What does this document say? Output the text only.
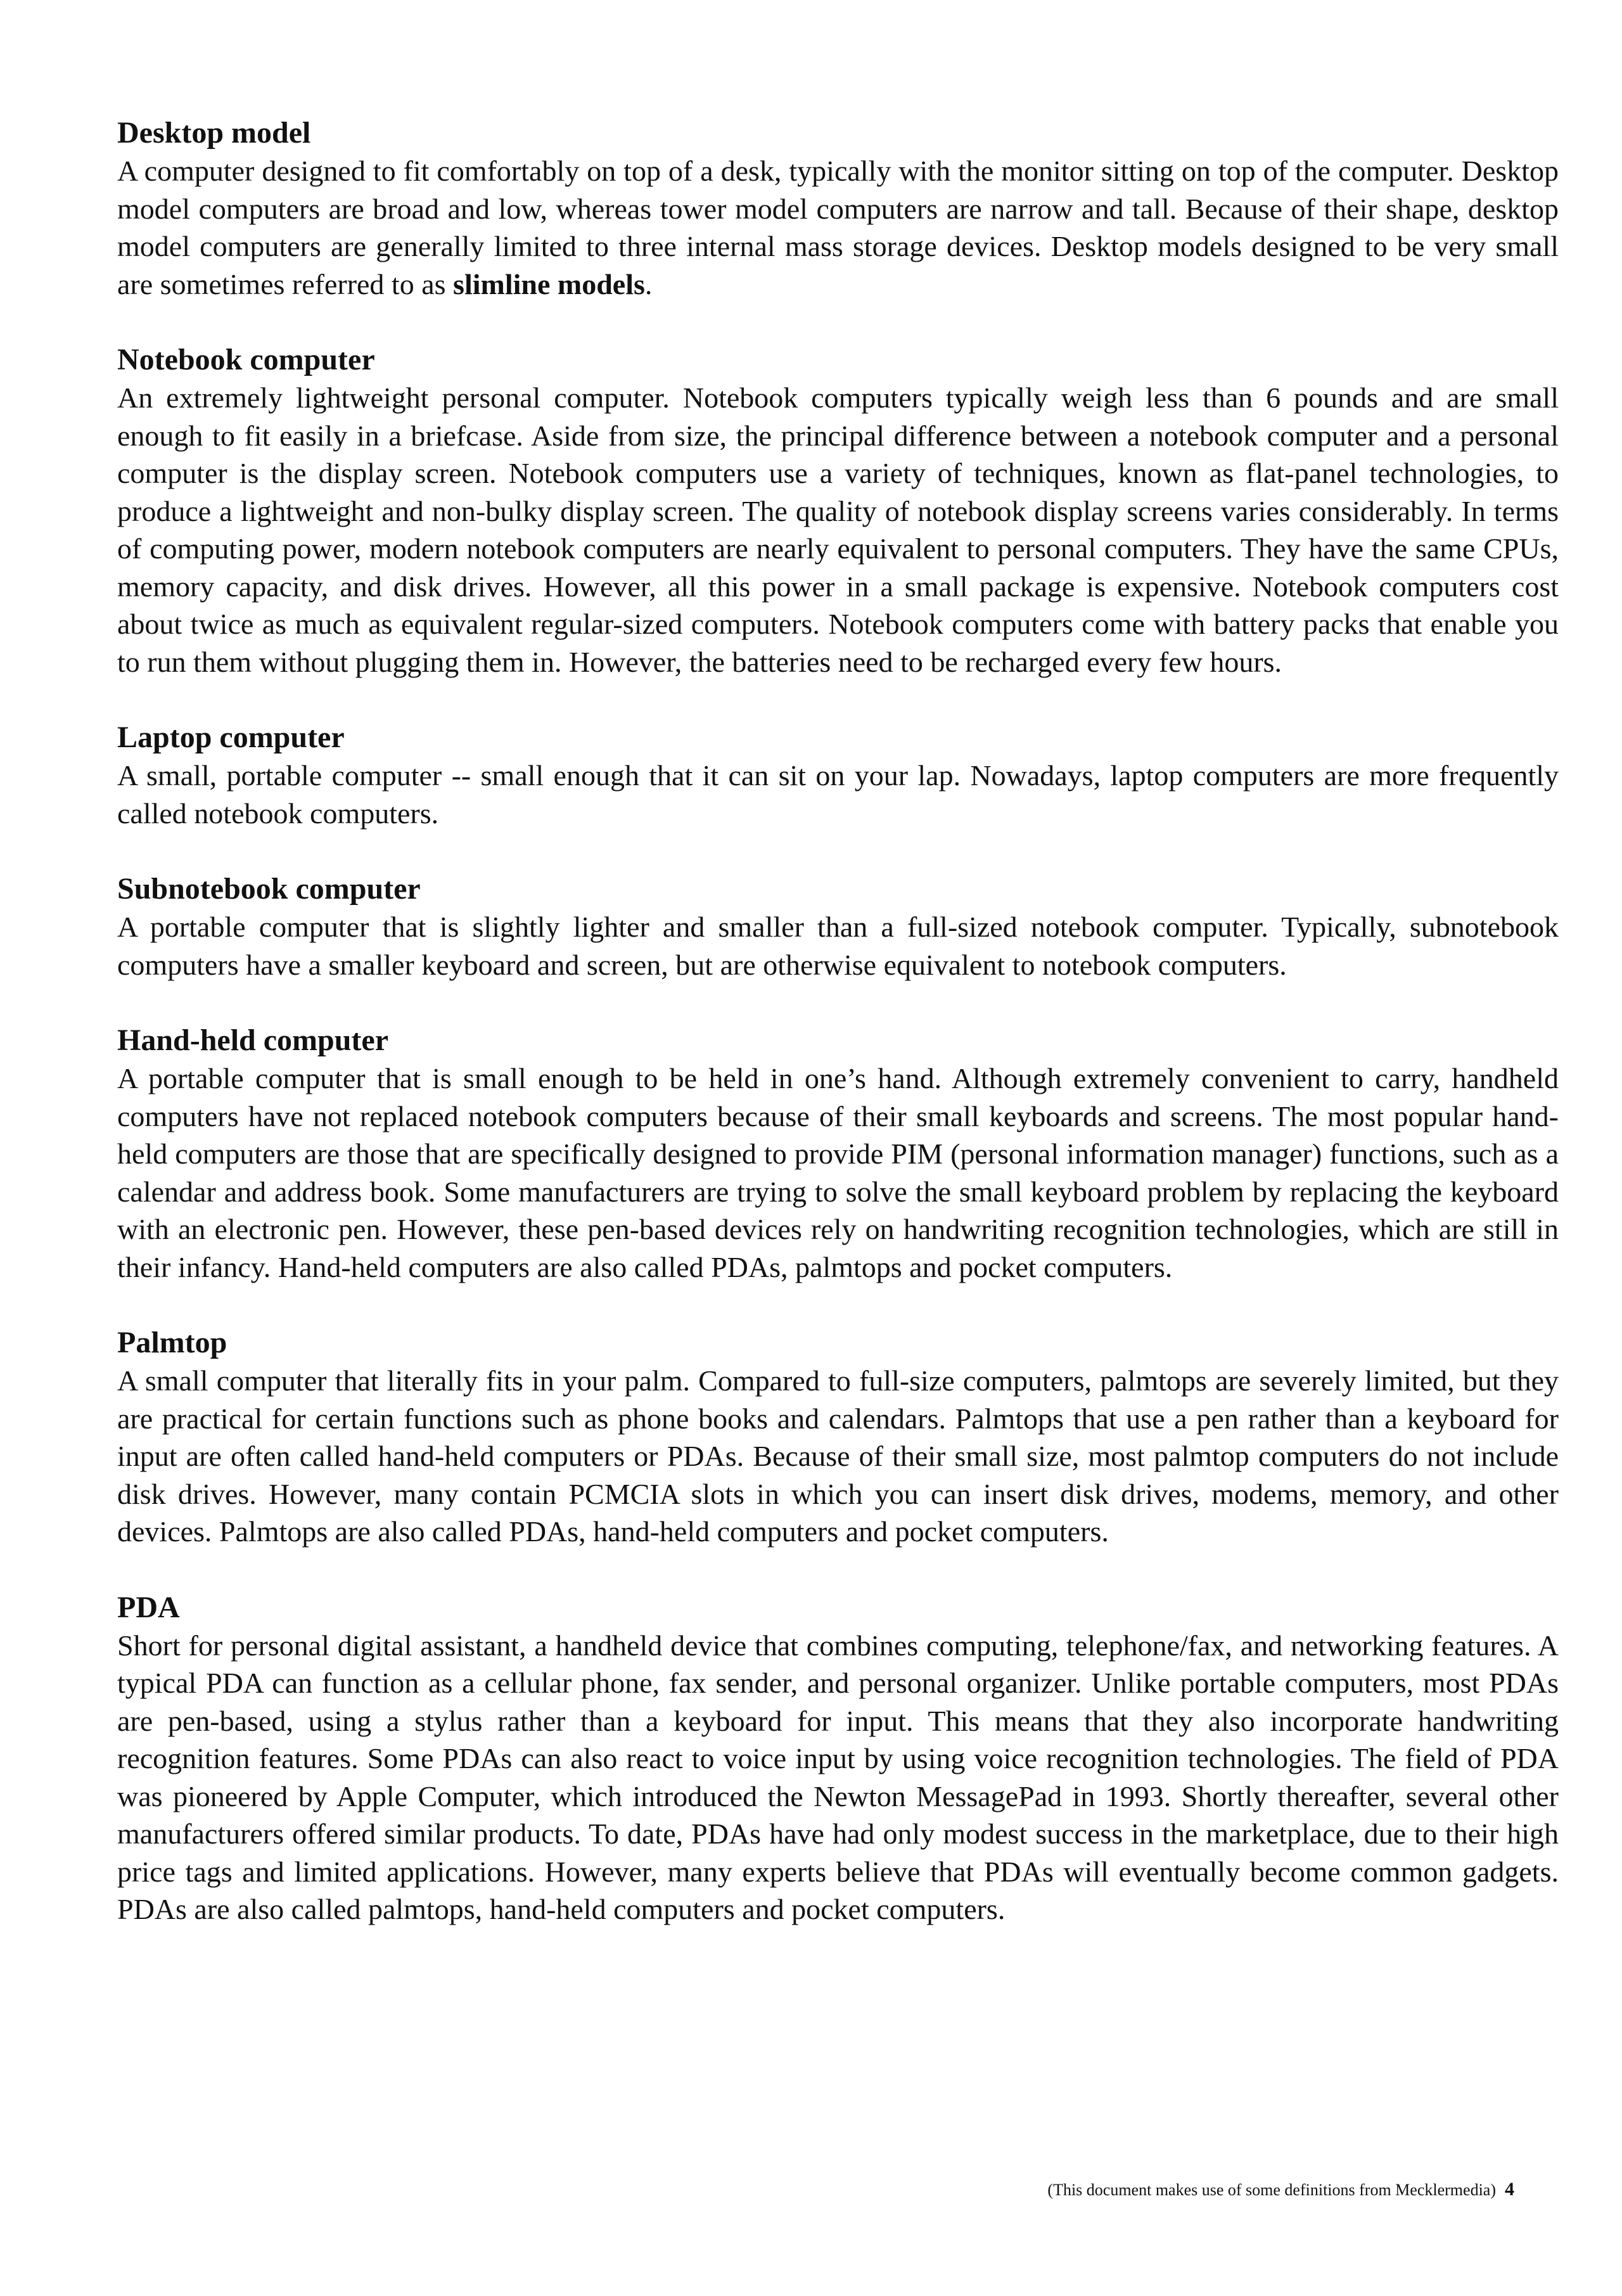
Desktop model

A computer designed to fit comfortably on top of a desk, typically with the monitor sitting on top of the computer. Desktop model computers are broad and low, whereas tower model computers are narrow and tall. Because of their shape, desktop model computers are generally limited to three internal mass storage devices. Desktop models designed to be very small are sometimes referred to as slimline models.

Notebook computer

An extremely lightweight personal computer. Notebook computers typically weigh less than 6 pounds and are small enough to fit easily in a briefcase. Aside from size, the principal difference between a notebook computer and a personal computer is the display screen. Notebook computers use a variety of techniques, known as flat-panel technologies, to produce a lightweight and non-bulky display screen. The quality of notebook display screens varies considerably. In terms of computing power, modern notebook computers are nearly equivalent to personal computers. They have the same CPUs, memory capacity, and disk drives. However, all this power in a small package is expensive. Notebook computers cost about twice as much as equivalent regular-sized computers. Notebook computers come with battery packs that enable you to run them without plugging them in. However, the batteries need to be recharged every few hours.

Laptop computer

A small, portable computer -- small enough that it can sit on your lap. Nowadays, laptop computers are more frequently called notebook computers.

Subnotebook computer

A portable computer that is slightly lighter and smaller than a full-sized notebook computer. Typically, subnotebook computers have a smaller keyboard and screen, but are otherwise equivalent to notebook computers.

Hand-held computer

A portable computer that is small enough to be held in one’s hand. Although extremely convenient to carry, handheld computers have not replaced notebook computers because of their small keyboards and screens. The most popular hand-held computers are those that are specifically designed to provide PIM (personal information manager) functions, such as a calendar and address book. Some manufacturers are trying to solve the small keyboard problem by replacing the keyboard with an electronic pen. However, these pen-based devices rely on handwriting recognition technologies, which are still in their infancy. Hand-held computers are also called PDAs, palmtops and pocket computers.

Palmtop

A small computer that literally fits in your palm. Compared to full-size computers, palmtops are severely limited, but they are practical for certain functions such as phone books and calendars. Palmtops that use a pen rather than a keyboard for input are often called hand-held computers or PDAs. Because of their small size, most palmtop computers do not include disk drives. However, many contain PCMCIA slots in which you can insert disk drives, modems, memory, and other devices. Palmtops are also called PDAs, hand-held computers and pocket computers.

PDA

Short for personal digital assistant, a handheld device that combines computing, telephone/fax, and networking features. A typical PDA can function as a cellular phone, fax sender, and personal organizer. Unlike portable computers, most PDAs are pen-based, using a stylus rather than a keyboard for input. This means that they also incorporate handwriting recognition features. Some PDAs can also react to voice input by using voice recognition technologies. The field of PDA was pioneered by Apple Computer, which introduced the Newton MessagePad in 1993. Shortly thereafter, several other manufacturers offered similar products. To date, PDAs have had only modest success in the marketplace, due to their high price tags and limited applications. However, many experts believe that PDAs will eventually become common gadgets. PDAs are also called palmtops, hand-held computers and pocket computers.

(This document makes use of some definitions from Mecklermedia) 4
